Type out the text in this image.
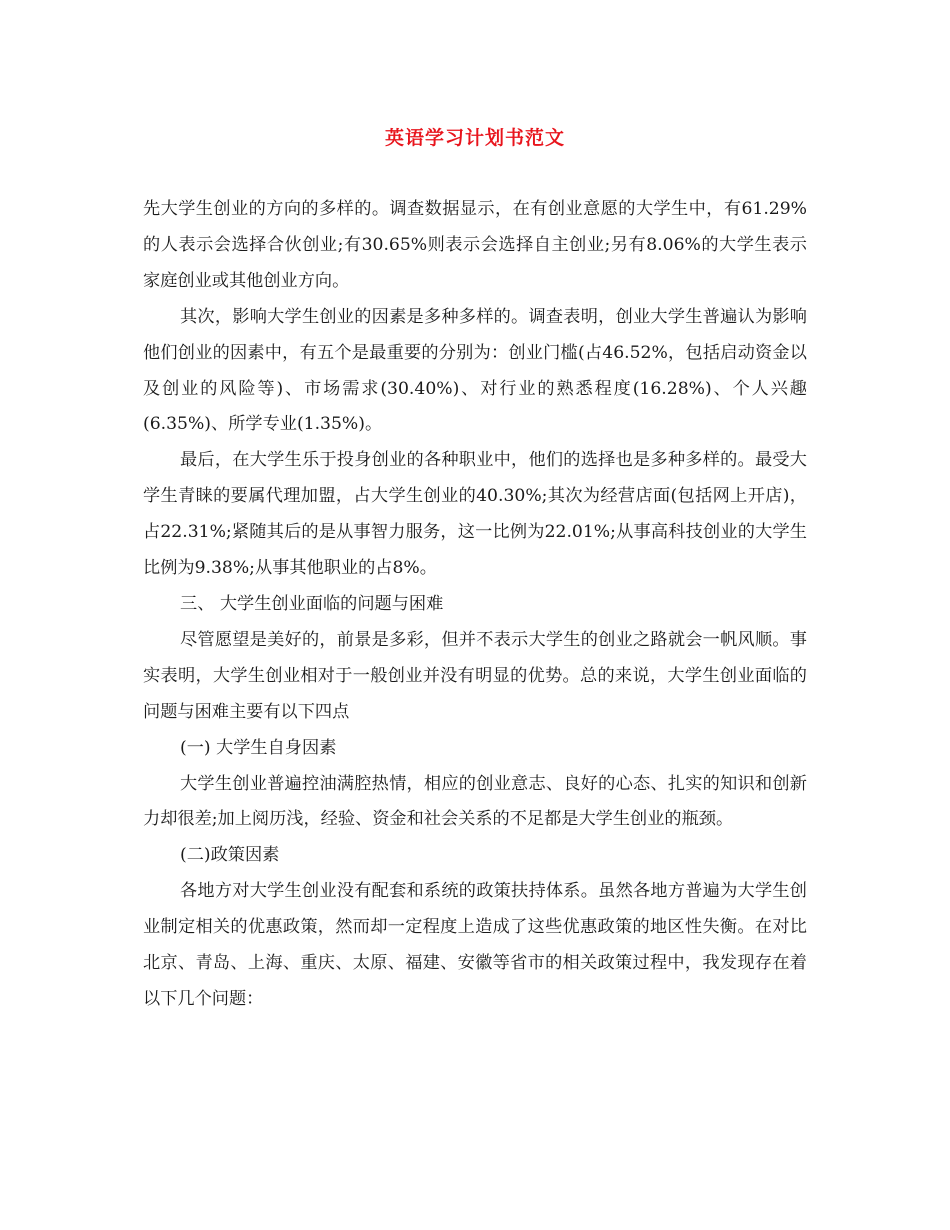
英语学习计划书范文

先大学生创业的方向的多样的。调查数据显示，在有创业意愿的大学生中，有61.29%的人表示会选择合伙创业;有30.65%则表示会选择自主创业;另有8.06%的大学生表示家庭创业或其他创业方向。

其次，影响大学生创业的因素是多种多样的。调查表明，创业大学生普遍认为影响他们创业的因素中，有五个是最重要的分别为：创业门槛(占46.52%，包括启动资金以及创业的风险等)、市场需求(30.40%)、对行业的熟悉程度(16.28%)、个人兴趣(6.35%)、所学专业(1.35%)。

最后，在大学生乐于投身创业的各种职业中，他们的选择也是多种多样的。最受大学生青睐的要属代理加盟，占大学生创业的40.30%;其次为经营店面(包括网上开店)，占22.31%;紧随其后的是从事智力服务，这一比例为22.01%;从事高科技创业的大学生比例为9.38%;从事其他职业的占8%。

三、 大学生创业面临的问题与困难

尽管愿望是美好的，前景是多彩，但并不表示大学生的创业之路就会一帆风顺。事实表明，大学生创业相对于一般创业并没有明显的优势。总的来说，大学生创业面临的问题与困难主要有以下四点

(一) 大学生自身因素

大学生创业普遍控油满腔热情，相应的创业意志、良好的心态、扎实的知识和创新力却很差;加上阅历浅，经验、资金和社会关系的不足都是大学生创业的瓶颈。

(二)政策因素

各地方对大学生创业没有配套和系统的政策扶持体系。虽然各地方普遍为大学生创业制定相关的优惠政策，然而却一定程度上造成了这些优惠政策的地区性失衡。在对比北京、青岛、上海、重庆、太原、福建、安徽等省市的相关政策过程中，我发现存在着以下几个问题：
